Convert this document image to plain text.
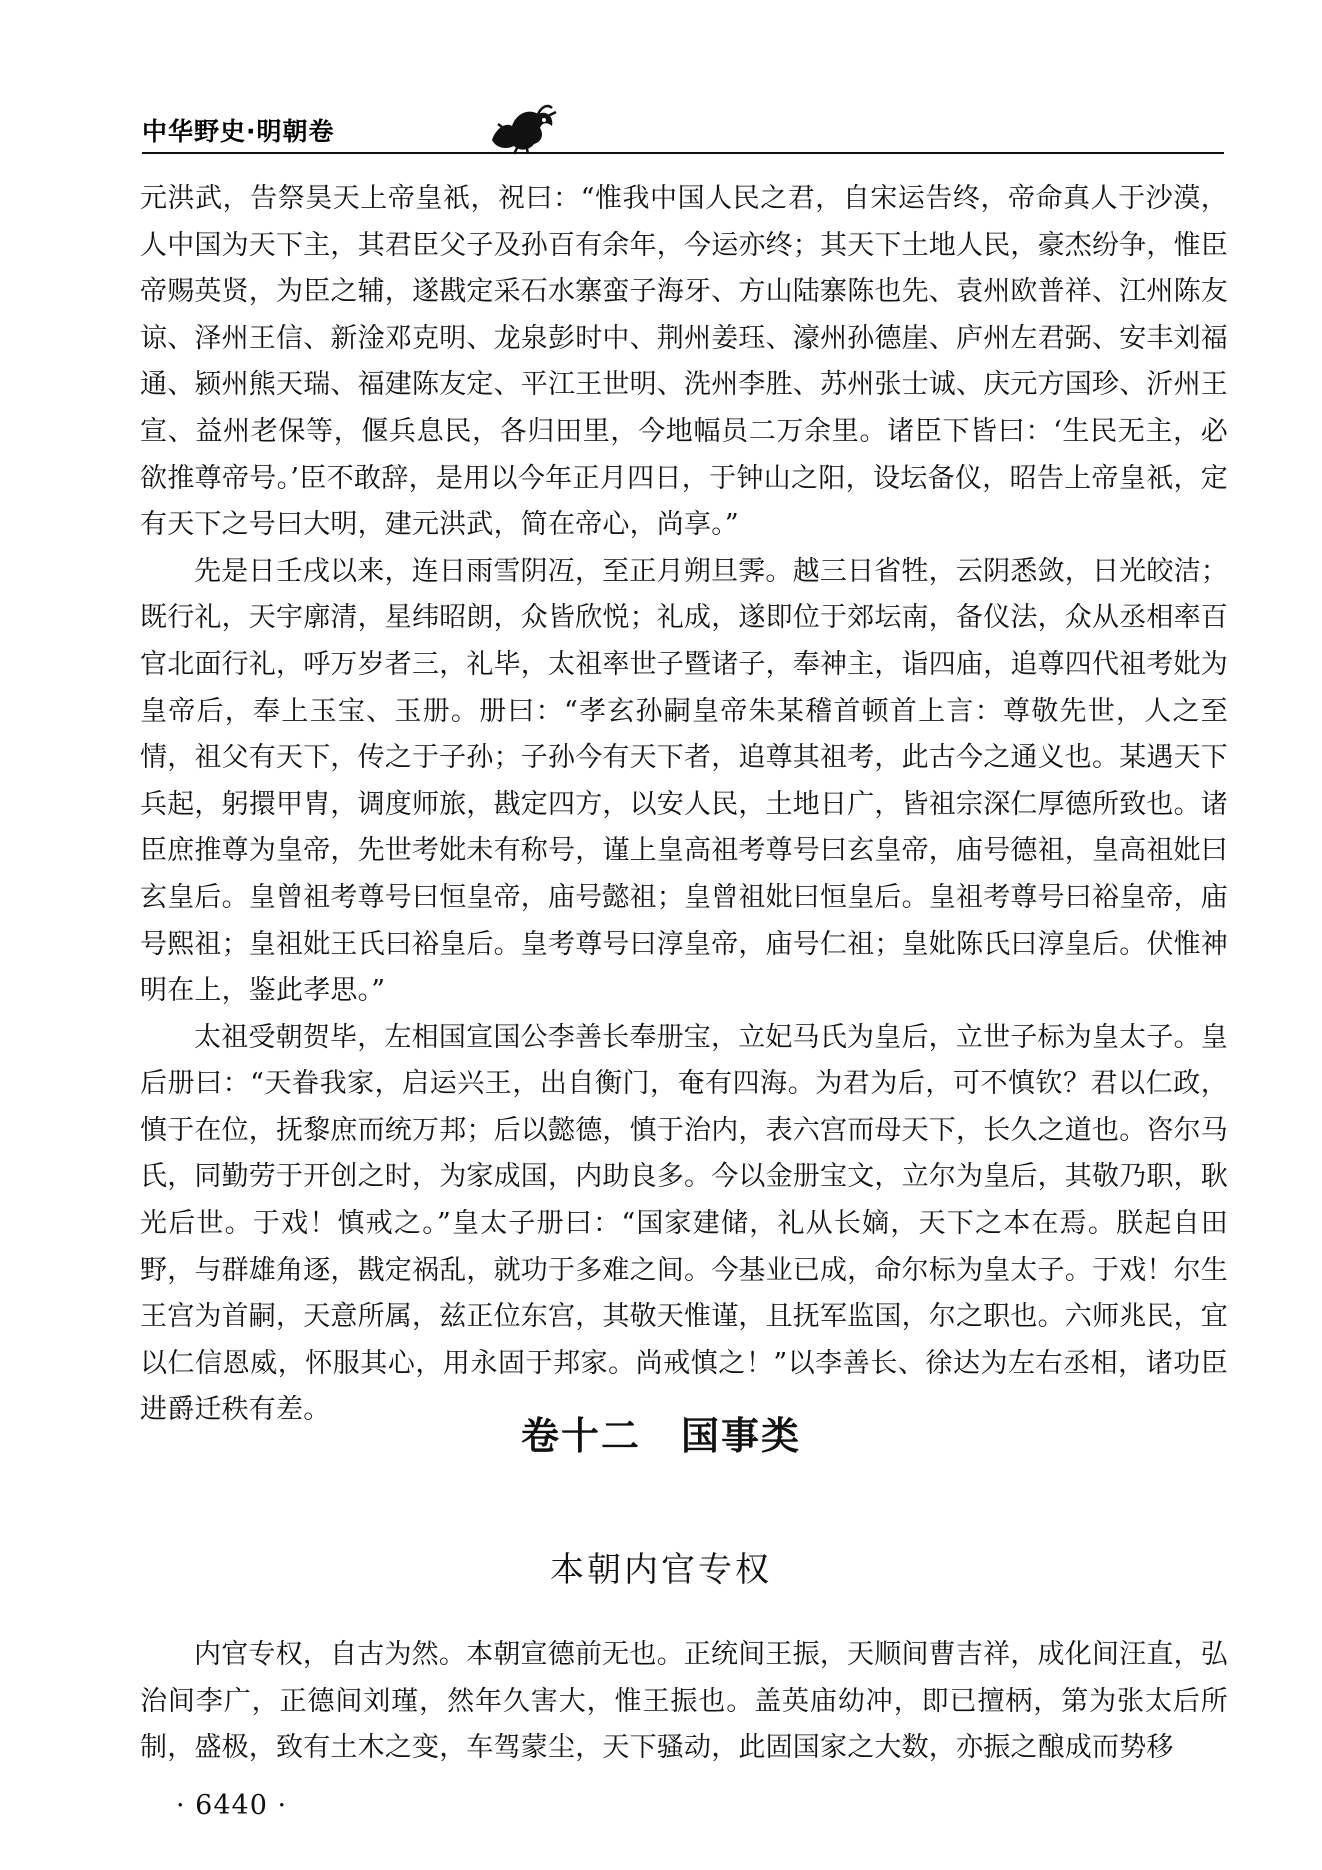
中华野史·明朝卷

元洪武，告祭昊天上帝皇祇，祝曰：“惟我中国人民之君，自宋运告终，帝命真人于沙漠，人中国为天下主，其君臣父子及孙百有余年，今运亦终；其天下土地人民，豪杰纷争，惟臣帝赐英贤，为臣之辅，遂戡定采石水寨蛮子海牙、方山陆寨陈也先、袁州欧普祥、江州陈友谅、泽州王信、新淦邓克明、龙泉彭时中、荆州姜珏、濠州孙德崖、庐州左君弼、安丰刘福通、颍州熊天瑞、福建陈友定、平江王世明、洗州李胜、苏州张士诚、庆元方国珍、沂州王宣、益州老保等，偃兵息民，各归田里，今地幅员二万余里。诸臣下皆曰：‘生民无主，必欲推尊帝号。’臣不敢辞，是用以今年正月四日，于钟山之阳，设坛备仪，昭告上帝皇祇，定有天下之号曰大明，建元洪武，简在帝心，尚享。”

先是日壬戌以来，连日雨雪阴冱，至正月朔旦霁。越三日省牲，云阴悉敛，日光皎洁；既行礼，天宇廓清，星纬昭朗，众皆欣悦；礼成，遂即位于郊坛南，备仪法，众从丞相率百官北面行礼，呼万岁者三，礼毕，太祖率世子暨诸子，奉神主，诣四庙，追尊四代祖考妣为皇帝后，奉上玉宝、玉册。册曰：“孝玄孙嗣皇帝朱某稽首顿首上言：尊敬先世，人之至情，祖父有天下，传之于子孙；子孙今有天下者，追尊其祖考，此古今之通义也。某遇天下兵起，躬擐甲胄，调度师旅，戡定四方，以安人民，土地日广，皆祖宗深仁厚德所致也。诸臣庶推尊为皇帝，先世考妣未有称号，谨上皇高祖考尊号曰玄皇帝，庙号德祖，皇高祖妣曰玄皇后。皇曾祖考尊号曰恒皇帝，庙号懿祖；皇曾祖妣曰恒皇后。皇祖考尊号曰裕皇帝，庙号熙祖；皇祖妣王氏曰裕皇后。皇考尊号曰淳皇帝，庙号仁祖；皇妣陈氏曰淳皇后。伏惟神明在上，鉴此孝思。”

太祖受朝贺毕，左相国宣国公李善长奉册宝，立妃马氏为皇后，立世子标为皇太子。皇后册曰：“天眷我家，启运兴王，出自衡门，奄有四海。为君为后，可不慎钦？君以仁政，慎于在位，抚黎庶而统万邦；后以懿德，慎于治内，表六宫而母天下，长久之道也。咨尔马氏，同勤劳于开创之时，为家成国，内助良多。今以金册宝文，立尔为皇后，其敬乃职，耿光后世。于戏！慎戒之。”皇太子册曰：“国家建储，礼从长嫡，天下之本在焉。朕起自田野，与群雄角逐，戡定祸乱，就功于多难之间。今基业已成，命尔标为皇太子。于戏！尔生王宫为首嗣，天意所属，兹正位东宫，其敬天惟谨，且抚军监国，尔之职也。六师兆民，宜以仁信恩威，怀服其心，用永固于邦家。尚戒慎之！”以李善长、徐达为左右丞相，诸功臣进爵迁秩有差。

卷十二　国事类
本朝内官专权

内官专权，自古为然。本朝宣德前无也。正统间王振，天顺间曹吉祥，成化间汪直，弘治间李广，正德间刘瑾，然年久害大，惟王振也。盖英庙幼冲，即已擅柄，第为张太后所制，盛极，致有土木之变，车驾蒙尘，天下骚动，此固国家之大数，亦振之酿成而势移

· 6440 ·
